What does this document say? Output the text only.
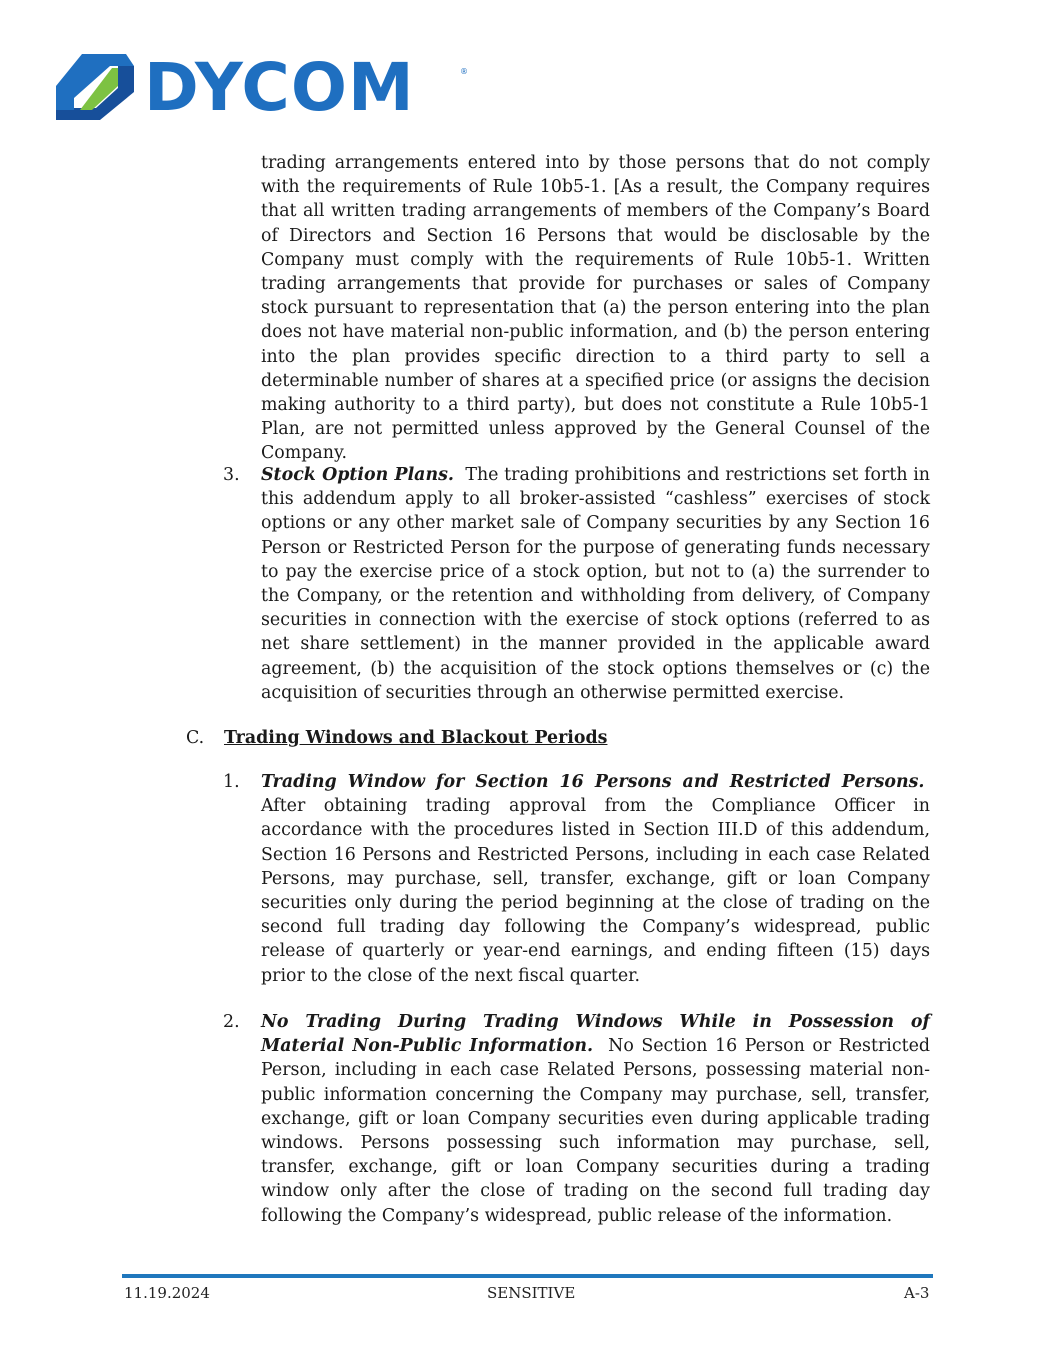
DYCOM	®

trading arrangements entered into by those persons that do not comply with the requirements of Rule 10b5-1. [As a result, the Company requires that all written trading arrangements of members of the Company’s Board of Directors and Section 16 Persons that would be disclosable by the Company must comply with the requirements of Rule 10b5-1. Written trading arrangements that provide for purchases or sales of Company stock pursuant to representation that (a) the person entering into the plan does not have material non-public information, and (b) the person entering into the plan provides specific direction to a third party to sell a determinable number of shares at a specified price (or assigns the decision making authority to a third party), but does not constitute a Rule 10b5-1 Plan, are not permitted unless approved by the General Counsel of the Company.

3. Stock Option Plans. The trading prohibitions and restrictions set forth in this addendum apply to all broker-assisted “cashless” exercises of stock options or any other market sale of Company securities by any Section 16 Person or Restricted Person for the purpose of generating funds necessary to pay the exercise price of a stock option, but not to (a) the surrender to the Company, or the retention and withholding from delivery, of Company securities in connection with the exercise of stock options (referred to as net share settlement) in the manner provided in the applicable award agreement, (b) the acquisition of the stock options themselves or (c) the acquisition of securities through an otherwise permitted exercise.

C. Trading Windows and Blackout Periods
1. Trading Window for Section 16 Persons and Restricted Persons.  After obtaining trading approval from the Compliance Officer in accordance with the procedures listed in Section III.D of this addendum, Section 16 Persons and Restricted Persons, including in each case Related Persons, may purchase, sell, transfer, exchange, gift or loan Company securities only during the period beginning at the close of trading on the second full trading day following the Company’s widespread, public release of quarterly or year-end earnings, and ending fifteen (15) days prior to the close of the next fiscal quarter.

2. No Trading During Trading Windows While in Possession of Material Non-Public Information. No Section 16 Person or Restricted Person, including in each case Related Persons, possessing material non-public information concerning the Company may purchase, sell, transfer, exchange, gift or loan Company securities even during applicable trading windows. Persons possessing such information may purchase, sell, transfer, exchange, gift or loan Company securities during a trading window only after the close of trading on the second full trading day following the Company’s widespread, public release of the information.

11.19.2024	SENSITIVE	A-3
